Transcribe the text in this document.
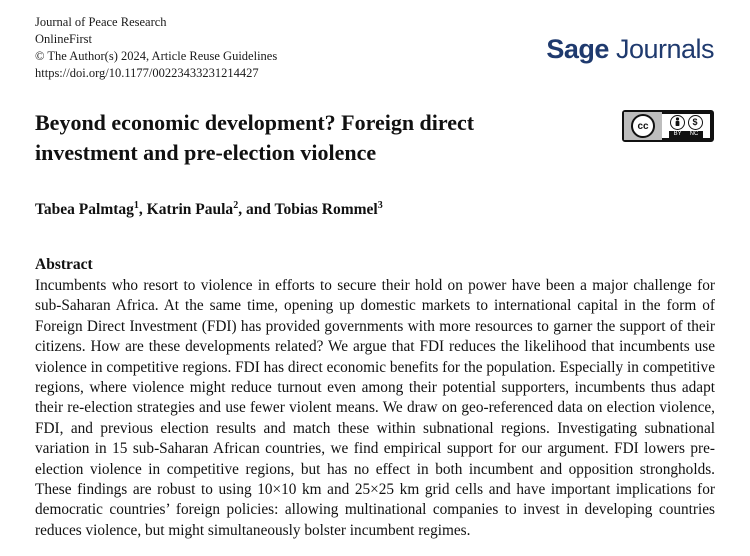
Journal of Peace Research
OnlineFirst
© The Author(s) 2024, Article Reuse Guidelines
https://doi.org/10.1177/00223433231214427
Sage Journals
Beyond economic development? Foreign direct investment and pre-election violence
cc	$
BY NC
Tabea Palmtag$^1$, Katrin Paula$^2$, and Tobias Rommel$^3$
Abstract

Incumbents who resort to violence in efforts to secure their hold on power have been a major challenge for sub-Saharan Africa. At the same time, opening up domestic markets to international capital in the form of Foreign Direct Investment (FDI) has provided governments with more resources to garner the support of their citizens. How are these developments related? We argue that FDI reduces the likelihood that incumbents use violence in competitive regions. FDI has direct economic benefits for the population. Especially in competitive regions, where violence might reduce turnout even among their potential supporters, incumbents thus adapt their re-election strategies and use fewer violent means. We draw on geo-referenced data on election violence, FDI, and previous election results and match these within subnational regions. Investigating subnational variation in 15 sub-Saharan African countries, we find empirical support for our argument. FDI lowers pre-election violence in competitive regions, but has no effect in both incumbent and opposition strongholds. These findings are robust to using 10×10 km and 25×25 km grid cells and have important implications for democratic countries’ foreign policies: allowing multinational companies to invest in developing countries reduces violence, but might simultaneously bolster incumbent regimes.
